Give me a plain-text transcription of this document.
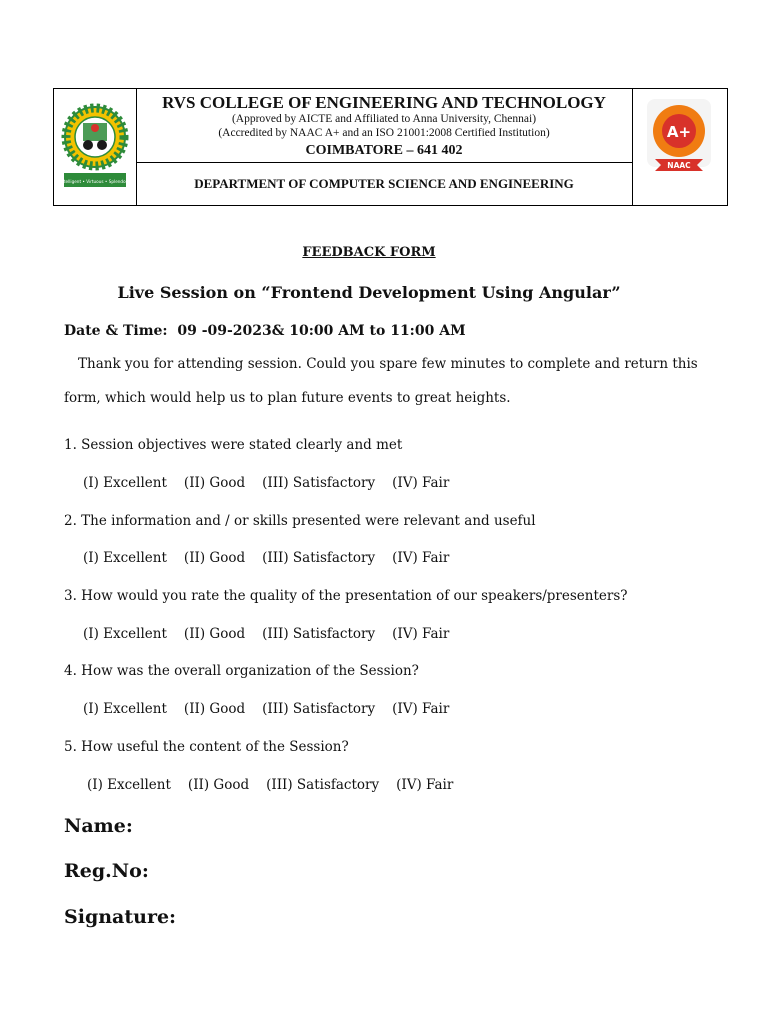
Intelligent • Virtuous • Splendour
RVS COLLEGE OF ENGINEERING AND TECHNOLOGY
(Approved by AICTE and Affiliated to Anna University, Chennai)
(Accredited by NAAC A+ and an ISO 21001:2008 Certified Institution)
COIMBATORE – 641 402
DEPARTMENT OF COMPUTER SCIENCE AND ENGINEERING
A+
NAAC
FEEDBACK FORM
Live Session on “Frontend Development Using Angular”
Date & Time:  09 -09-2023& 10:00 AM to 11:00 AM
Thank you for attending session. Could you spare few minutes to complete and return this
form, which would help us to plan future events to great heights.
1. Session objectives were stated clearly and met
(I) Excellent (II) Good (III) Satisfactory (IV) Fair
2. The information and / or skills presented were relevant and useful
(I) Excellent (II) Good (III) Satisfactory (IV) Fair
3. How would you rate the quality of the presentation of our speakers/presenters?
(I) Excellent (II) Good (III) Satisfactory (IV) Fair
4. How was the overall organization of the Session?
(I) Excellent (II) Good (III) Satisfactory (IV) Fair
5. How useful the content of the Session?
(I) Excellent (II) Good (III) Satisfactory (IV) Fair
Name:
Reg.No:
Signature:
